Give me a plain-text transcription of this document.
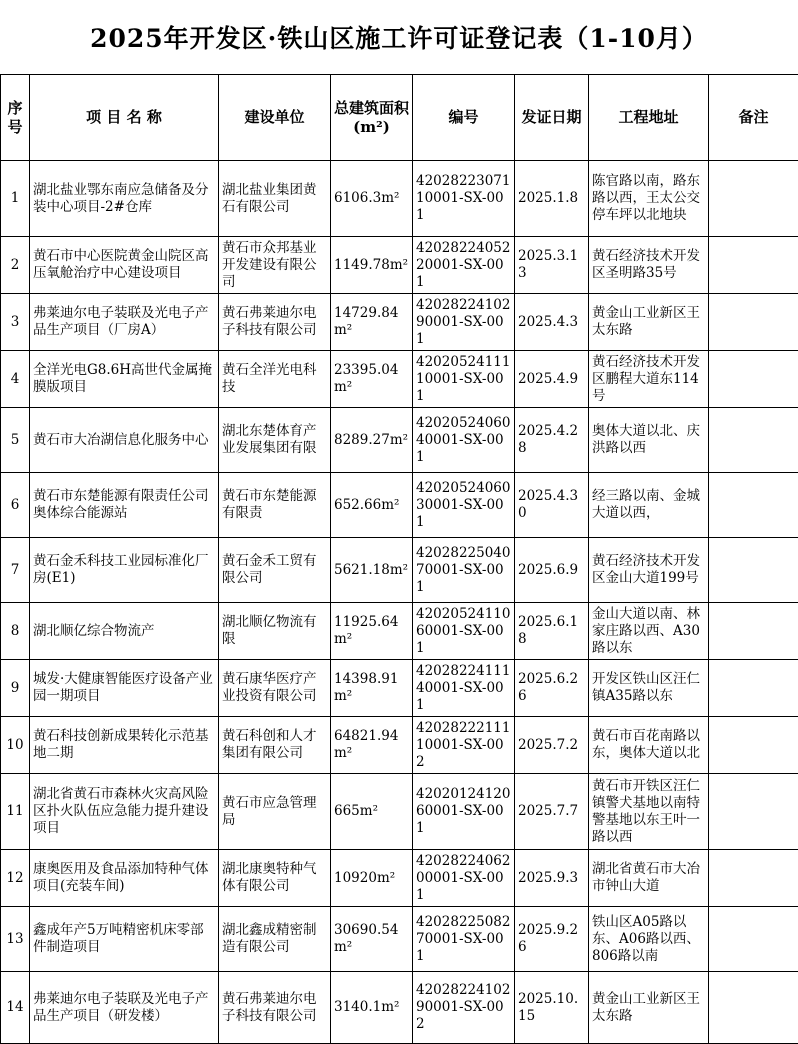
2025年开发区·铁山区施工许可证登记表（1-10月）
序号	项 目 名 称	建设单位	总建筑面积(m²)	编号	发证日期	工程地址	备注
1	湖北盐业鄂东南应急储备及分装中心项目-2#仓库	湖北盐业集团黄石有限公司	6106.3m²	4202822307110001-SX-001	2025.1.8	陈官路以南，路东路以西，王太公交停车坪以北地块	
2	黄石市中心医院黄金山院区高压氧舱治疗中心建设项目	黄石市众邦基业开发建设有限公司	1149.78m²	4202822405220001-SX-001	2025.3.13	黄石经济技术开发区圣明路35号	
3	弗莱迪尔电子装联及光电子产品生产项目（厂房A）	黄石弗莱迪尔电子科技有限公司	14729.84m²	4202822410290001-SX-001	2025.4.3	黄金山工业新区王太东路	
4	全洋光电G8.6H高世代金属掩膜版项目	黄石全洋光电科技	23395.04m²	4202052411110001-SX-001	2025.4.9	黄石经济技术开发区鹏程大道东114号	
5	黄石市大冶湖信息化服务中心	湖北东楚体育产业发展集团有限	8289.27m²	4202052406040001-SX-001	2025.4.28	奥体大道以北、庆洪路以西	
6	黄石市东楚能源有限责任公司奥体综合能源站	黄石市东楚能源有限责	652.66m²	4202052406030001-SX-001	2025.4.30	经三路以南、金城大道以西，	
7	黄石金禾科技工业园标准化厂房(E1)	黄石金禾工贸有限公司	5621.18m²	4202822504070001-SX-001	2025.6.9	黄石经济技术开发区金山大道199号	
8	湖北顺亿综合物流产	湖北顺亿物流有限	11925.64m²	4202052411060001-SX-001	2025.6.18	金山大道以南、林家庄路以西、A30路以东	
9	城发·大健康智能医疗设备产业园一期项目	黄石康华医疗产业投资有限公司	14398.91m²	4202822411140001-SX-001	2025.6.26	开发区铁山区汪仁镇A35路以东	
10	黄石科技创新成果转化示范基地二期	黄石科创和人才集团有限公司	64821.94m²	4202822211110001-SX-002	2025.7.2	黄石市百花南路以东，奥体大道以北	
11	湖北省黄石市森林火灾高风险区扑火队伍应急能力提升建设项目	黄石市应急管理局	665m²	4202012412060001-SX-001	2025.7.7	黄石市开铁区汪仁镇警犬基地以南特警基地以东王叶一路以西	
12	康奥医用及食品添加特种气体项目(充装车间)	湖北康奥特种气体有限公司	10920m²	4202822406200001-SX-001	2025.9.3	湖北省黄石市大冶市钟山大道	
13	鑫成年产5万吨精密机床零部件制造项目	湖北鑫成精密制造有限公司	30690.54m²	4202822508270001-SX-001	2025.9.26	铁山区A05路以东、A06路以西、806路以南	
14	弗莱迪尔电子装联及光电子产品生产项目（研发楼）	黄石弗莱迪尔电子科技有限公司	3140.1m²	4202822410290001-SX-002	2025.10.15	黄金山工业新区王太东路	
